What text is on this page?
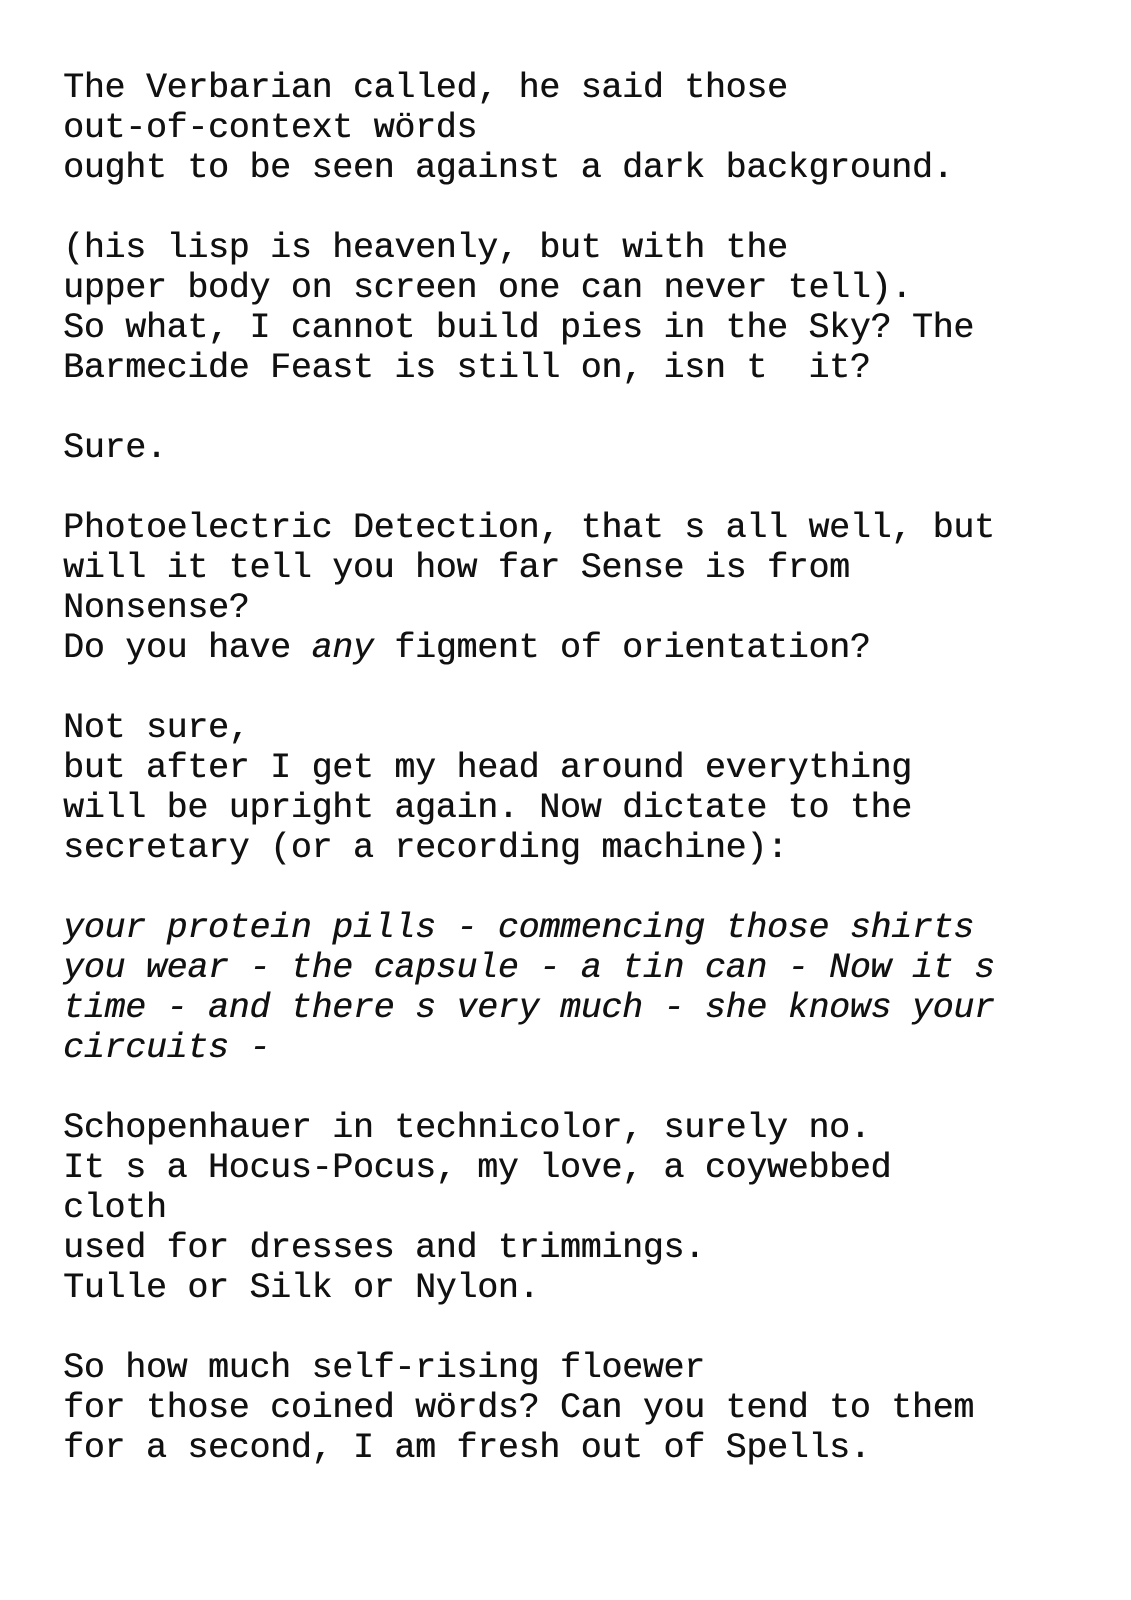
The Verbarian called, he said those
out-of-context wörds
ought to be seen against a dark background.
(his lisp is heavenly, but with the
upper body on screen one can never tell).
So what, I cannot build pies in the Sky? The
Barmecide Feast is still on, isn t  it?
Sure.
Photoelectric Detection, that s all well, but
will it tell you how far Sense is from
Nonsense?
Do you have any figment of orientation?
Not sure,
but after I get my head around everything
will be upright again. Now dictate to the
secretary (or a recording machine):
your protein pills - commencing those shirts
you wear - the capsule - a tin can - Now it s
time - and there s very much - she knows your
circuits -
Schopenhauer in technicolor, surely no.
It s a Hocus-Pocus, my love, a coywebbed
cloth
used for dresses and trimmings.
Tulle or Silk or Nylon.
So how much self-rising floewer
for those coined wörds? Can you tend to them
for a second, I am fresh out of Spells.
